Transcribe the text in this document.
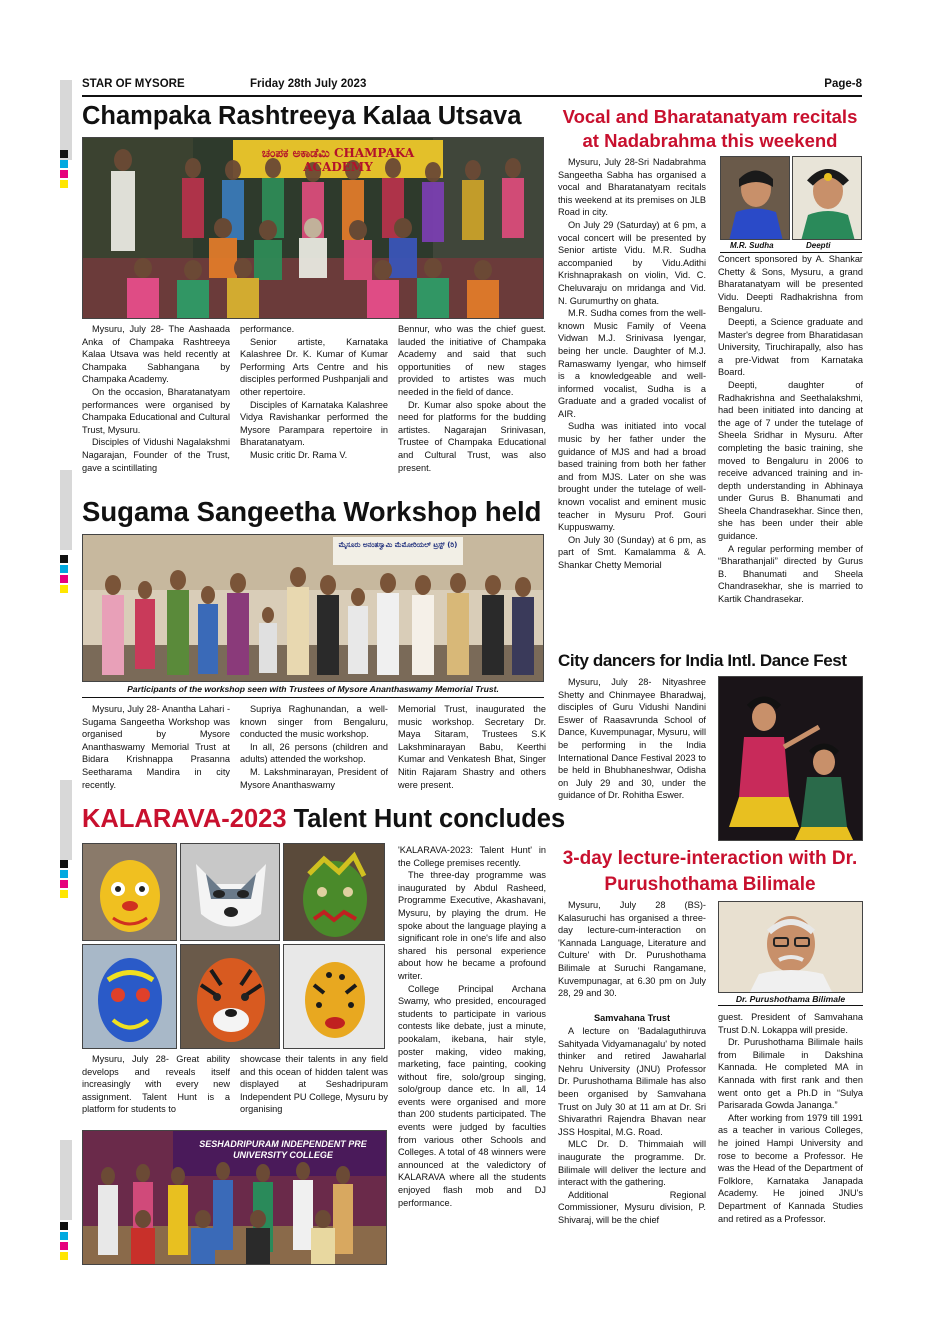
STAR OF MYSORE	Friday 28th July 2023	Page-8
Champaka Rashtreeya Kalaa Utsava
ಚಂಪಕ ಅಕಾಡೆಮಿ CHAMPAKA ACADEMY

Mysuru, July 28- The Aashaada Anka of Champaka Rashtreeya Kalaa Utsava was held recently at Champaka Sabhangana by Champaka Academy.

On the occasion, Bharatanatyam performances were organised by Champaka Educational and Cultural Trust, Mysuru.

Disciples of Vidushi Nagalakshmi Nagarajan, Founder of the Trust, gave a scintillating

performance.

Senior artiste, Karnataka Kalashree Dr. K. Kumar of Kumar Performing Arts Centre and his disciples performed Pushpanjali and other repertoire.

Disciples of Karnataka Kalashree Vidya Ravishankar performed the Mysore Parampara repertoire in Bharatanatyam.

Music critic Dr. Rama V.

Bennur, who was the chief guest. lauded the initiative of Champaka Academy and said that such opportunities of new stages provided to artistes was much needed in the field of dance.

Dr. Kumar also spoke about the need for platforms for the budding artistes. Nagarajan Srinivasan, Trustee of Champaka Educational and Cultural Trust, was also present.

Sugama Sangeetha Workshop held
ಮೈಸೂರು ಅನಂತಸ್ವಾಮಿ ಮೆಮೋರಿಯಲ್ ಟ್ರಸ್ಟ್ (ರಿ)
Participants of the workshop seen with Trustees of Mysore Ananthaswamy Memorial Trust.

Mysuru, July 28- Anantha Lahari - Sugama Sangeetha Workshop was organised by Mysore Ananthaswamy Memorial Trust at Bidara Krishnappa Prasanna Seetharama Mandira in city recently.

Supriya Raghunandan, a well-known singer from Bengaluru, conducted the music workshop.

In all, 26 persons (children and adults) attended the workshop.

M. Lakshminarayan, President of Mysore Ananthaswamy

Memorial Trust, inaugurated the music workshop. Secretary Dr. Maya Sitaram, Trustees S.K Lakshminarayan Babu, Keerthi Kumar and Venkatesh Bhat, Singer Nitin Rajaram Shastry and others were present.

KALARAVA-2023 Talent Hunt concludes

'KALARAVA-2023: Talent Hunt' in the College premises recently.

The three-day programme was inaugurated by Abdul Rasheed, Programme Executive, Akashavani, Mysuru, by playing the drum. He spoke about the language playing a significant role in one's life and also shared his personal experience about how he became a profound writer.

College Principal Archana Swamy, who presided, encouraged students to participate in various contests like debate, just a minute, pookalam, ikebana, hair style, poster making, video making, marketing, face painting, cooking without fire, solo/group singing, solo/group dance etc. In all, 14 events were organised and more than 200 students participated. The events were judged by faculties from various other Schools and Colleges. A total of 48 winners were announced at the valedictory of KALARAVA where all the students enjoyed flash mob and DJ performance.

Mysuru, July 28- Great ability develops and reveals itself increasingly with every new assignment. Talent Hunt is a platform for students to

showcase their talents in any field and this ocean of hidden talent was displayed at Seshadripuram Independent PU College, Mysuru by organising

SESHADRIPURAM INDEPENDENT PRE UNIVERSITY COLLEGE
Vocal and Bharatanatyam recitals at Nadabrahma this weekend

Mysuru, July 28-Sri Nadabrahma Sangeetha Sabha has organised a vocal and Bharatanatyam recitals this weekend at its premises on JLB Road in city.

On July 29 (Saturday) at 6 pm, a vocal concert will be presented by Senior artiste Vidu. M.R. Sudha accompanied by Vidu.Adithi Krishnaprakash on violin, Vid. C. Cheluvaraju on mridanga and Vid. N. Gurumurthy on ghata.

M.R. Sudha comes from the well-known Music Family of Veena Vidwan M.J. Srinivasa Iyengar, being her uncle. Daughter of M.J. Ramaswamy Iyengar, who himself is a knowledgeable and well-informed vocalist, Sudha is a Graduate and a graded vocalist of AIR.

Sudha was initiated into vocal music by her father under the guidance of MJS and had a broad based training from both her father and from MJS. Later on she was brought under the tutelage of well-known vocalist and eminent music teacher in Mysuru Prof. Gouri Kuppuswamy.

On July 30 (Sunday) at 6 pm, as part of Smt. Kamalamma & A. Shankar Chetty Memorial

M.R. Sudha	Deepti

Concert sponsored by A. Shankar Chetty & Sons, Mysuru, a grand Bharatanatyam will be presented Vidu. Deepti Radhakrishna from Bengaluru.

Deepti, a Science graduate and Master's degree from Bharatidasan University, Tiruchirapally, also has a pre-Vidwat from Karnataka Board.

Deepti, daughter of Radhakrishna and Seethalakshmi, had been initiated into dancing at the age of 7 under the tutelage of Sheela Sridhar in Mysuru. After completing the basic training, she moved to Bengaluru in 2006 to receive advanced training and in-depth understanding in Abhinaya under Gurus B. Bhanumati and Sheela Chandrasekhar. Since then, she has been under their able guidance.

A regular performing member of “Bharathanjali” directed by Gurus B. Bhanumati and Sheela Chandrasekhar, she is married to Kartik Chandrasekar.

City dancers for India Intl. Dance Fest

Mysuru, July 28- Nityashree Shetty and Chinmayee Bharadwaj, disciples of Guru Vidushi Nandini Eswer of Raasavrunda School of Dance, Kuvempunagar, Mysuru, will be performing in the India International Dance Festival 2023 to be held in Bhubhaneshwar, Odisha on July 29 and 30, under the guidance of Dr. Rohitha Eswer.

3-day lecture-interaction with Dr. Purushothama Bilimale

Mysuru, July 28 (BS)- Kalasuruchi has organised a three-day lecture-cum-interaction on 'Kannada Language, Literature and Culture' with Dr. Purushothama Bilimale at Suruchi Rangamane, Kuvempunagar, at 6.30 pm on July 28, 29 and 30.

Samvahana Trust

A lecture on 'Badalaguthiruva Sahityada Vidyamanagalu' by noted thinker and retired Jawaharlal Nehru University (JNU) Professor Dr. Purushothama Bilimale has also been organised by Samvahana Trust on July 30 at 11 am at Dr. Sri Shivarathri Rajendra Bhavan near JSS Hospital, M.G. Road.

MLC Dr. D. Thimmaiah will inaugurate the programme. Dr. Bilimale will deliver the lecture and interact with the gathering.

Additional Regional Commissioner, Mysuru division, P. Shivaraj, will be the chief

Dr. Purushothama Bilimale

guest. President of Samvahana Trust D.N. Lokappa will preside.

Dr. Purushothama Bilimale hails from Bilimale in Dakshina Kannada. He completed MA in Kannada with first rank and then went onto get a Ph.D in “Sulya Parisarada Gowda Jananga.”

After working from 1979 till 1991 as a teacher in various Colleges, he joined Hampi University and rose to become a Professor. He was the Head of the Department of Folklore, Karnataka Janapada Academy. He joined JNU's Department of Kannada Studies and retired as a Professor.
